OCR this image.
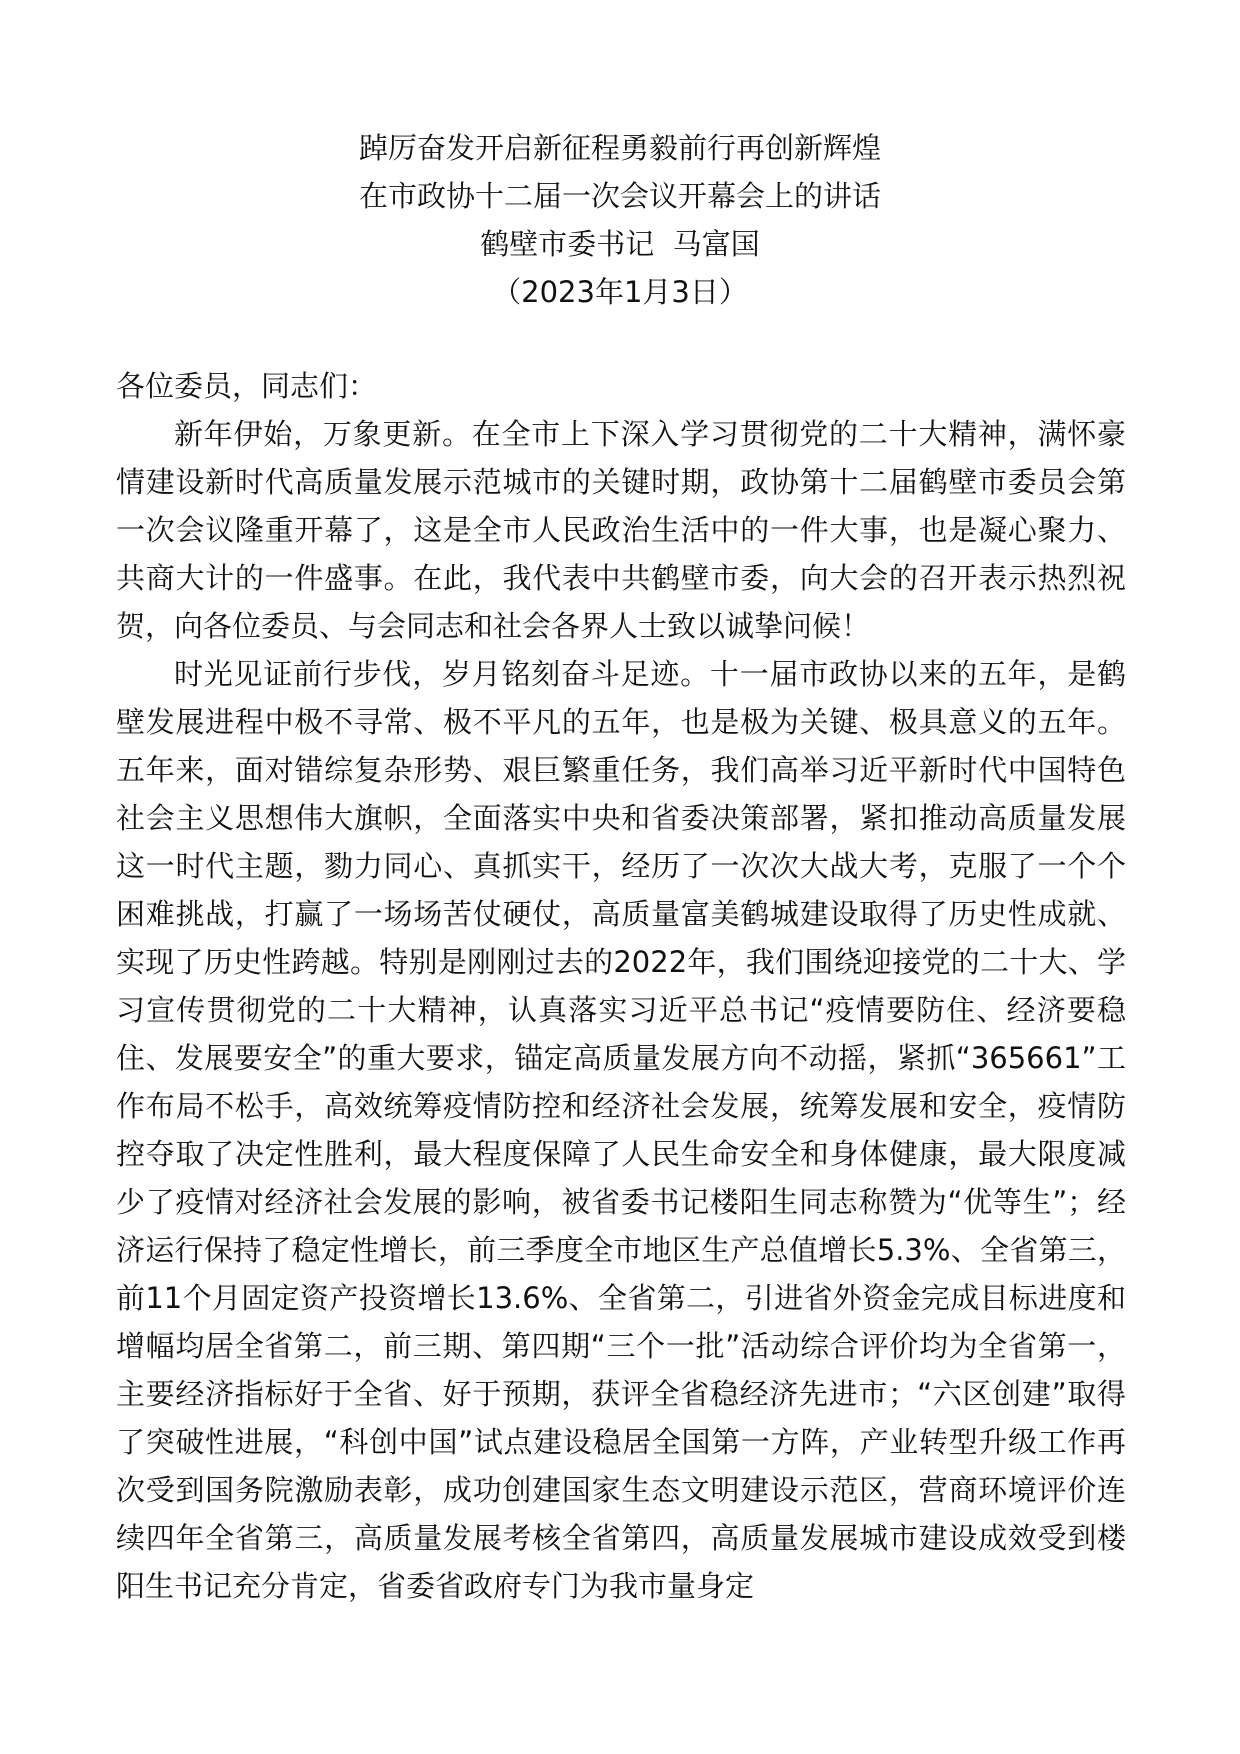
踔厉奋发开启新征程勇毅前行再创新辉煌
在市政协十二届一次会议开幕会上的讲话
鹤壁市委书记  马富国
（2023年1月3日）

各位委员，同志们：

新年伊始，万象更新。在全市上下深入学习贯彻党的二十大精神，满怀豪情建设新时代高质量发展示范城市的关键时期，政协第十二届鹤壁市委员会第一次会议隆重开幕了，这是全市人民政治生活中的一件大事，也是凝心聚力、共商大计的一件盛事。在此，我代表中共鹤壁市委，向大会的召开表示热烈祝贺，向各位委员、与会同志和社会各界人士致以诚挚问候！

时光见证前行步伐，岁月铭刻奋斗足迹。十一届市政协以来的五年，是鹤壁发展进程中极不寻常、极不平凡的五年，也是极为关键、极具意义的五年。五年来，面对错综复杂形势、艰巨繁重任务，我们高举习近平新时代中国特色社会主义思想伟大旗帜，全面落实中央和省委决策部署，紧扣推动高质量发展这一时代主题，勠力同心、真抓实干，经历了一次次大战大考，克服了一个个困难挑战，打赢了一场场苦仗硬仗，高质量富美鹤城建设取得了历史性成就、实现了历史性跨越。特别是刚刚过去的2022年，我们围绕迎接党的二十大、学习宣传贯彻党的二十大精神，认真落实习近平总书记“疫情要防住、经济要稳住、发展要安全”的重大要求，锚定高质量发展方向不动摇，紧抓“365661”工作布局不松手，高效统筹疫情防控和经济社会发展，统筹发展和安全，疫情防控夺取了决定性胜利，最大程度保障了人民生命安全和身体健康，最大限度减少了疫情对经济社会发展的影响，被省委书记楼阳生同志称赞为“优等生”；经济运行保持了稳定性增长，前三季度全市地区生产总值增长5.3%、全省第三，前11个月固定资产投资增长13.6%、全省第二，引进省外资金完成目标进度和增幅均居全省第二，前三期、第四期“三个一批”活动综合评价均为全省第一，主要经济指标好于全省、好于预期，获评全省稳经济先进市；“六区创建”取得了突破性进展，“科创中国”试点建设稳居全国第一方阵，产业转型升级工作再次受到国务院激励表彰，成功创建国家生态文明建设示范区，营商环境评价连续四年全省第三，高质量发展考核全省第四，高质量发展城市建设成效受到楼阳生书记充分肯定，省委省政府专门为我市量身定
